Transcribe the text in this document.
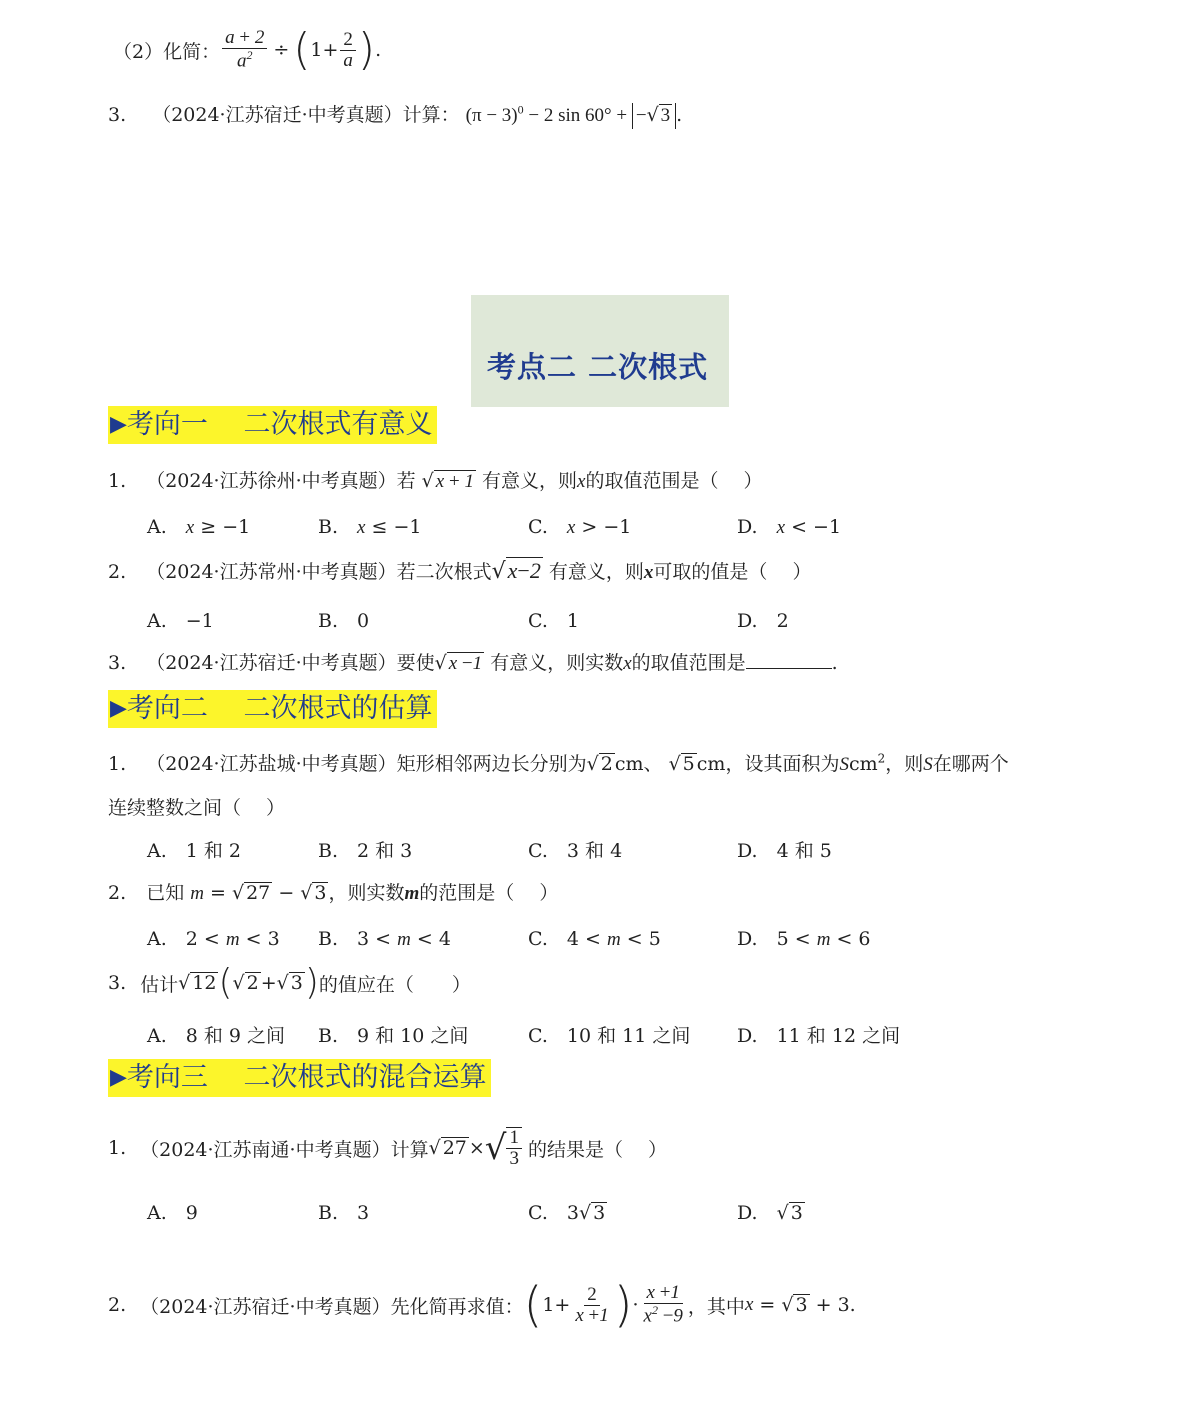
（2）化简： $\frac{a + 2}{a^2}$ ÷ ( $1+ \frac{2}{a}$ ) .
3. （2024·江苏宿迁·中考真题）计算： $(\pi - 3)^0 - 2$ sin 60° + −√ 3 .
考点二 二次根式
▶考向一　 二次根式有意义
1. （2024·江苏徐州·中考真题）若 √ x + 1 有意义，则x的取值范围是（　 ）
A.　 x ≥ −1	B.　 x ≤ −1	C.　 x > −1	D.　 x < −1
2. （2024·江苏常州·中考真题）若二次根式√x−2 有意义，则x可取的值是（　 ）
A.　−1	B.　0	C.　1	D.　2
3. （2024·江苏宿迁·中考真题）要使√ x −1 有意义，则实数x的取值范围是	.
▶考向二　 二次根式的估算
1. （2024·江苏盐城·中考真题）矩形相邻两边长分别为√ 2 cm、 √ 5 cm，设其面积为Scm$^2$，则S在哪两个
连续整数之间（　 ）
A.　1 和 2	B.　2 和 3	C.　3 和 4	D.　4 和 5
2. 已知 m = √ 27 − √ 3 ，则实数m的范围是（　 ）
A.　2 < m < 3 B.　3 < m < 4	C.　4 < m < 5	D.　5 < m < 6
3. 估计 √ 12 ( √ 2 + √ 3 ) 的值应在（　　）
A.　8 和 9 之间 B.　9 和 10 之间	C.　10 和 11 之间 D.　11 和 12 之间
▶考向三　 二次根式的混合运算
1. （2024·江苏南通·中考真题）计算 √ 27 × √ $\frac{1}{3}$ 的结果是（　 ）
A.　9	B.　3	C.　3√ 3	D.　 √ 3
2. （2024·江苏宿迁·中考真题）先化简再求值： ( $1+ \frac{2}{x +1}$ ) · $\frac{x +1}{x^2 -9}$ ，其中 x = √ 3 + 3 .
